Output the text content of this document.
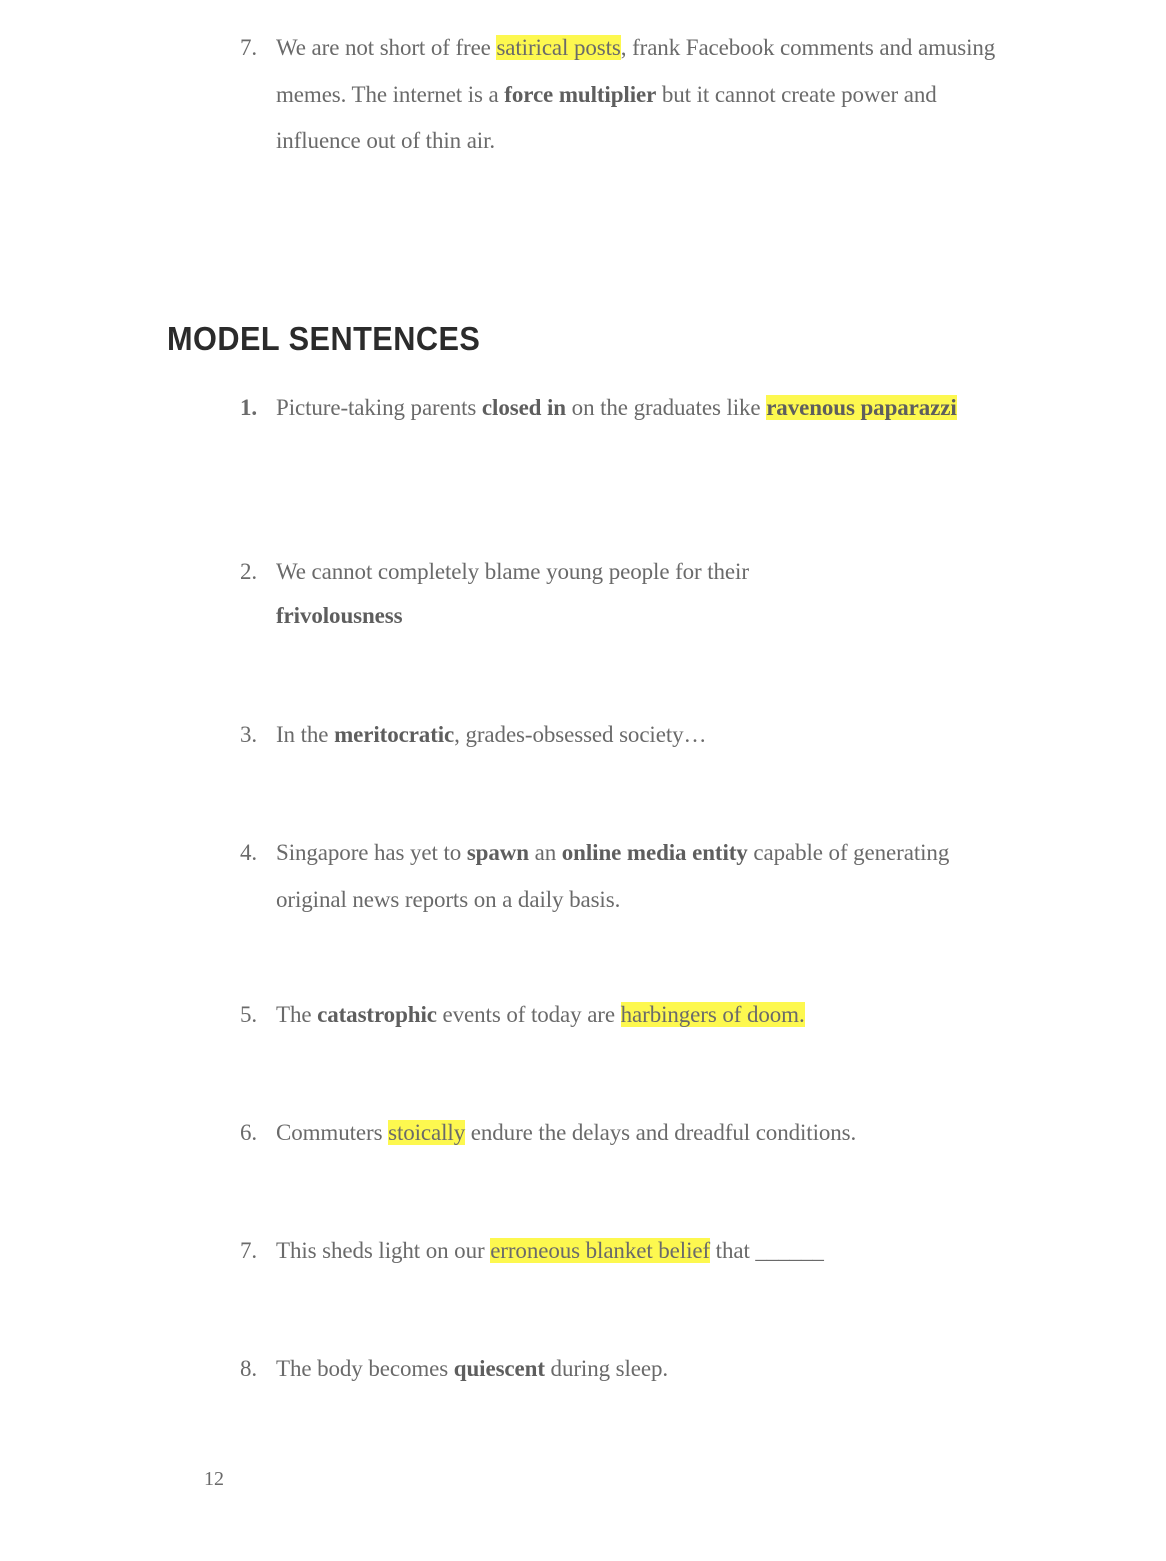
7. We are not short of free satirical posts, frank Facebook comments and amusing memes. The internet is a force multiplier but it cannot create power and influence out of thin air.
MODEL SENTENCES
1. Picture-taking parents closed in on the graduates like ravenous paparazzi
2. We cannot completely blame young people for their
frivolousness
3. In the meritocratic, grades-obsessed society…
4. Singapore has yet to spawn an online media entity capable of generating original news reports on a daily basis.
5. The catastrophic events of today are harbingers of doom.
6. Commuters stoically endure the delays and dreadful conditions.
7. This sheds light on our erroneous blanket belief that ______
8. The body becomes quiescent during sleep.
12
